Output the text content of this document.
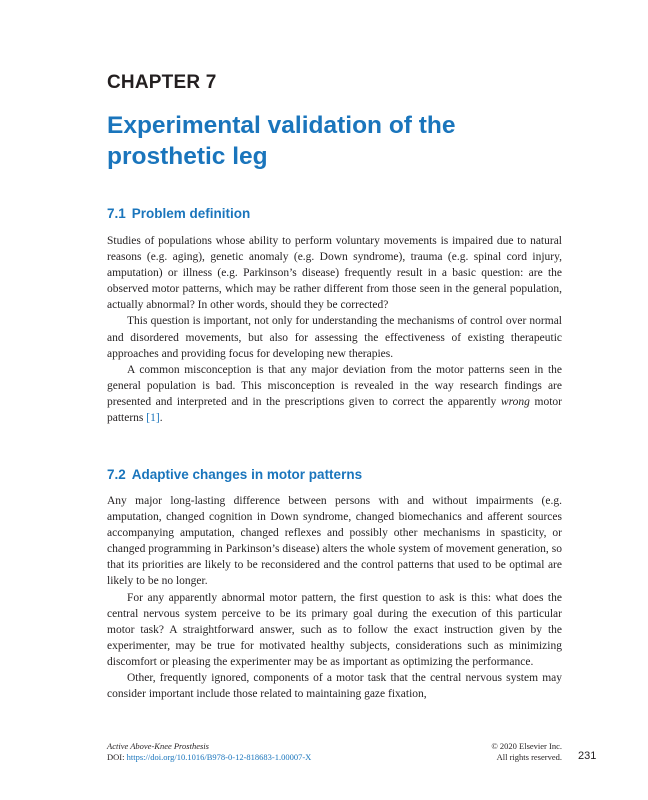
CHAPTER 7
Experimental validation of the prosthetic leg
7.1 Problem definition

Studies of populations whose ability to perform voluntary movements is impaired due to natural reasons (e.g. aging), genetic anomaly (e.g. Down syndrome), trauma (e.g. spinal cord injury, amputation) or illness (e.g. Parkinson’s disease) frequently result in a basic question: are the observed motor patterns, which may be rather different from those seen in the general population, actually abnormal? In other words, should they be corrected?

This question is important, not only for understanding the mechanisms of control over normal and disordered movements, but also for assessing the effectiveness of existing therapeutic approaches and providing focus for developing new therapies.

A common misconception is that any major deviation from the motor patterns seen in the general population is bad. This misconception is revealed in the way research findings are presented and interpreted and in the prescriptions given to correct the apparently wrong motor patterns [1].

7.2 Adaptive changes in motor patterns

Any major long-lasting difference between persons with and without impairments (e.g. amputation, changed cognition in Down syndrome, changed biomechanics and afferent sources accompanying amputation, changed reflexes and possibly other mechanisms in spasticity, or changed programming in Parkinson’s disease) alters the whole system of movement generation, so that its priorities are likely to be reconsidered and the control patterns that used to be optimal are likely to be no longer.

For any apparently abnormal motor pattern, the first question to ask is this: what does the central nervous system perceive to be its primary goal during the execution of this particular motor task? A straightforward answer, such as to follow the exact instruction given by the experimenter, may be true for motivated healthy subjects, considerations such as minimizing discomfort or pleasing the experimenter may be as important as optimizing the performance.

Other, frequently ignored, components of a motor task that the central nervous system may consider important include those related to maintaining gaze fixation,

Active Above-Knee Prosthesis
DOI: https://doi.org/10.1016/B978-0-12-818683-1.00007-X
© 2020 Elsevier Inc.
All rights reserved. 231
